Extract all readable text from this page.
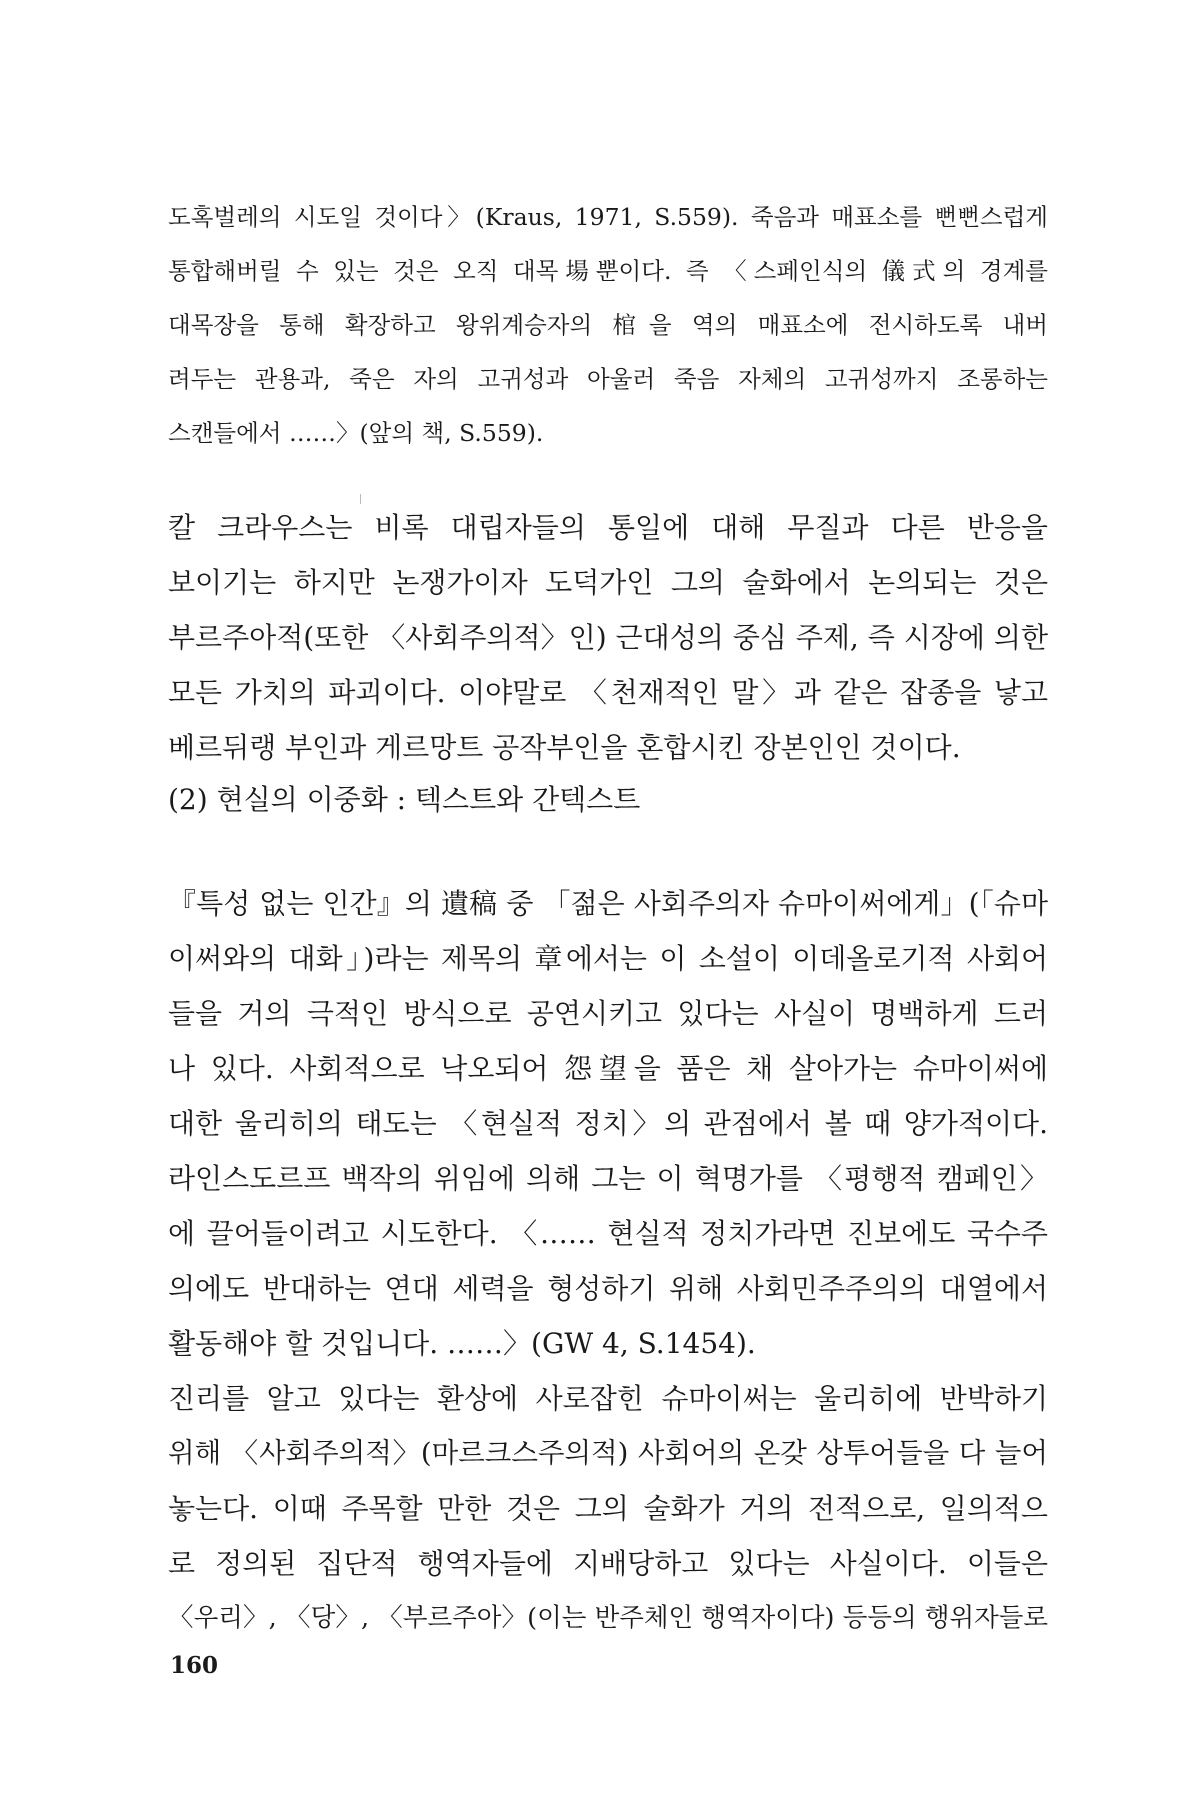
도혹벌레의 시도일 것이다〉(Kraus, 1971, S.559). 죽음과 매표소를 뻔뻔스럽게
통합해버릴 수 있는 것은 오직 대목場뿐이다. 즉 〈스페인식의 儀式의 경계를
대목장을 통해 확장하고 왕위계승자의 棺을 역의 매표소에 전시하도록 내버
려두는 관용과, 죽은 자의 고귀성과 아울러 죽음 자체의 고귀성까지 조롱하는
스캔들에서 ……〉(앞의 책, S.559).
칼 크라우스는 비록 대립자들의 통일에 대해 무질과 다른 반응을
보이기는 하지만 논쟁가이자 도덕가인 그의 술화에서 논의되는 것은
부르주아적(또한 〈사회주의적〉인) 근대성의 중심 주제, 즉 시장에 의한
모든 가치의 파괴이다. 이야말로 〈천재적인 말〉과 같은 잡종을 낳고
베르뒤랭 부인과 게르망트 공작부인을 혼합시킨 장본인인 것이다.
(2) 현실의 이중화 : 텍스트와 간텍스트
『특성 없는 인간』의 遺稿 중 「젊은 사회주의자 슈마이써에게」(「슈마
이써와의 대화」)라는 제목의 章에서는 이 소설이 이데올로기적 사회어
들을 거의 극적인 방식으로 공연시키고 있다는 사실이 명백하게 드러
나 있다. 사회적으로 낙오되어 怨望을 품은 채 살아가는 슈마이써에
대한 울리히의 태도는 〈현실적 정치〉의 관점에서 볼 때 양가적이다.
라인스도르프 백작의 위임에 의해 그는 이 혁명가를 〈평행적 캠페인〉
에 끌어들이려고 시도한다. 〈…… 현실적 정치가라면 진보에도 국수주
의에도 반대하는 연대 세력을 형성하기 위해 사회민주주의의 대열에서
활동해야 할 것입니다. ……〉(GW 4, S.1454).
진리를 알고 있다는 환상에 사로잡힌 슈마이써는 울리히에 반박하기
위해 〈사회주의적〉(마르크스주의적) 사회어의 온갖 상투어들을 다 늘어
놓는다. 이때 주목할 만한 것은 그의 술화가 거의 전적으로, 일의적으
로 정의된 집단적 행역자들에 지배당하고 있다는 사실이다. 이들은
〈우리〉, 〈당〉, 〈부르주아〉(이는 반주체인 행역자이다) 등등의 행위자들로
160
